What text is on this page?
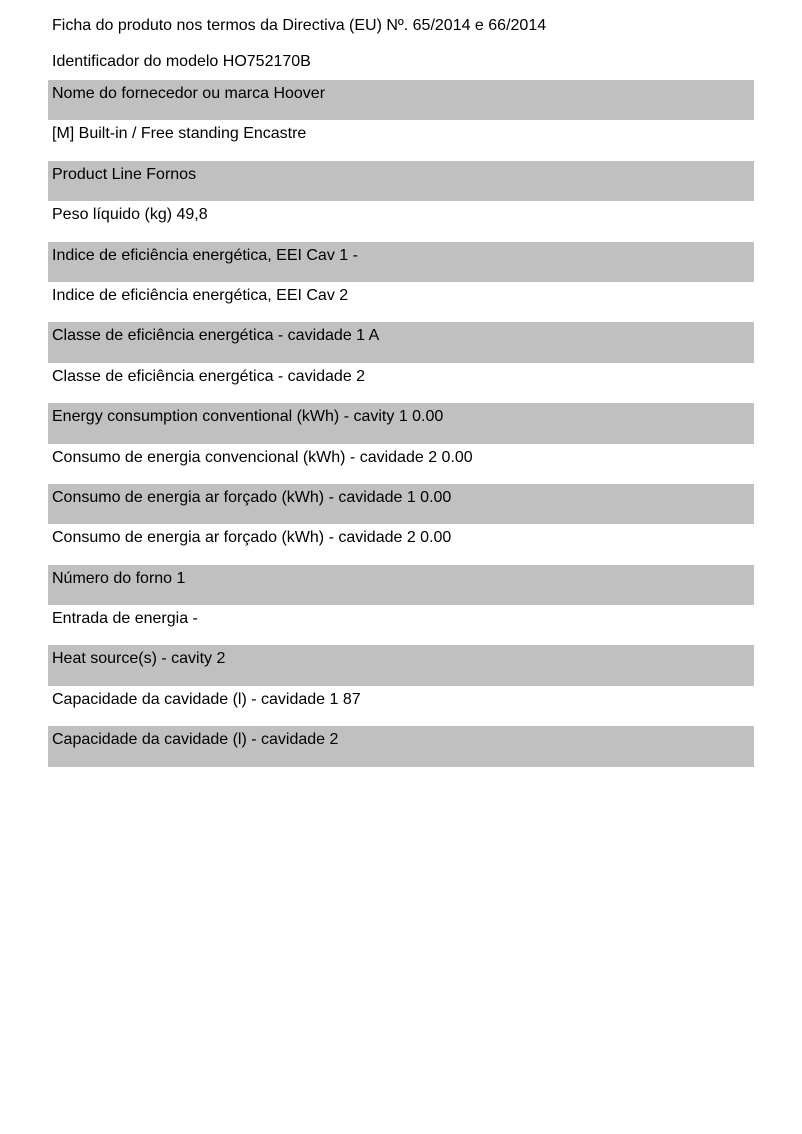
Ficha do produto nos termos da Directiva (EU) Nº. 65/2014 e 66/2014
Identificador do modelo HO752170B
Nome do fornecedor ou marca Hoover
[M] Built-in / Free standing Encastre
Product Line Fornos
Peso líquido (kg) 49,8
Indice de eficiência energética, EEI Cav 1 -
Indice de eficiência energética, EEI Cav 2
Classe de eficiência energética - cavidade 1 A
Classe de eficiência energética - cavidade 2
Energy consumption conventional (kWh) - cavity 1 0.00
Consumo de energia convencional (kWh) - cavidade 2 0.00
Consumo de energia ar forçado (kWh) - cavidade 1 0.00
Consumo de energia ar forçado (kWh) - cavidade 2 0.00
Número do forno 1
Entrada de energia -
Heat source(s) - cavity 2
Capacidade da cavidade (l) - cavidade 1 87
Capacidade da cavidade (l) - cavidade 2
